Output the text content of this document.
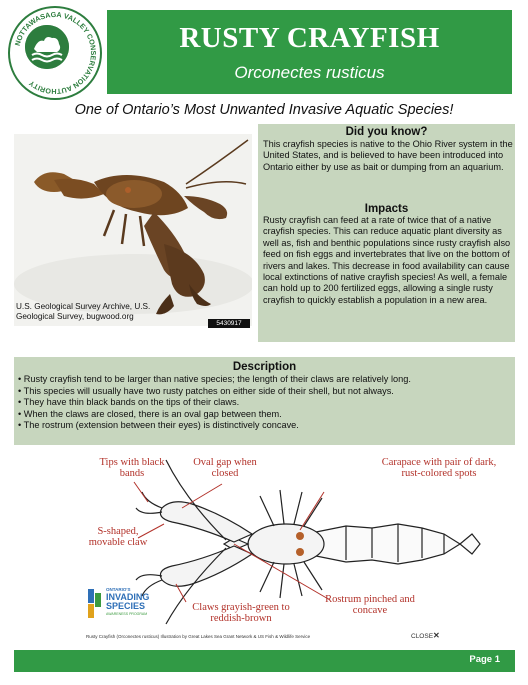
NOTTAWASAGA VALLEY CONSERVATION AUTHORITY
RUSTY CRAYFISH
Orconectes rusticus
One of Ontario’s Most Unwanted Invasive Aquatic Species!
U.S. Geological Survey Archive, U.S. Geological Survey, bugwood.org
5430917
Did you know?
This crayfish species is native to the Ohio River system in the United States, and is believed to have been introduced into Ontario either by use as bait or dumping from an aquarium.
Impacts
Rusty crayfish can feed at a rate of twice that of a native crayfish species. This can reduce aquatic plant diversity as well as, fish and benthic populations since rusty crayfish also feed on fish eggs and invertebrates that live on the bottom of rivers and lakes. This decrease in food availability can cause local extinctions of native crayfish species! As well, a female can hold up to 200 fertilized eggs, allowing a single rusty crayfish to quickly establish a population in a new area.
Description
• Rusty crayfish tend to be larger than native species; the length of their claws are relatively long.
• This species will usually have two rusty patches on either side of their shell, but not always.
• They have thin black bands on the tips of their claws.
• When the claws are closed, there is an oval gap between them.
• The rostrum (extension between their eyes) is distinctively concave.
Tips with black bands
Oval gap when closed
Carapace with pair of dark, rust-colored spots
S-shaped, movable claw
Rostrum pinched and concave
Claws grayish-green to reddish-brown
ONTARIO'S
INVADING SPECIES
AWARENESS PROGRAM
Rusty Crayfish (Orconectes rusticus) Illustration by Great Lakes Sea Grant Network & US Fish & Wildlife Service	CLOSE✕
Page 1
